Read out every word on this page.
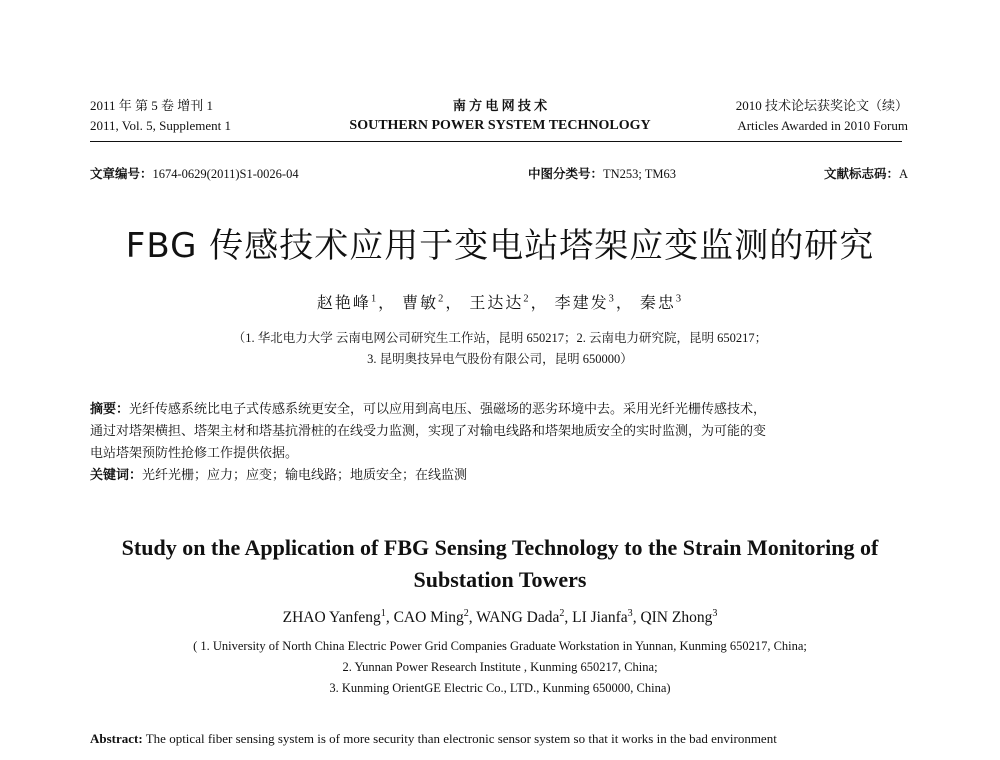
2011 年 第 5 卷 增刊 1
2011, Vol. 5, Supplement 1
南 方 电 网 技 术
SOUTHERN POWER SYSTEM TECHNOLOGY
2010 技术论坛获奖论文（续）
Articles Awarded in 2010 Forum
文章编号：1674-0629(2011)S1-0026-04	中图分类号：TN253; TM63	文献标志码：A
FBG 传感技术应用于变电站塔架应变监测的研究
赵艳峰$^1$， 曹敏$^2$， 王达达$^2$， 李建发$^3$， 秦忠$^3$
（1. 华北电力大学 云南电网公司研究生工作站，昆明 650217；2. 云南电力研究院，昆明 650217；
3. 昆明奥技异电气股份有限公司，昆明 650000）
摘要：光纤传感系统比电子式传感系统更安全，可以应用到高电压、强磁场的恶劣环境中去。采用光纤光栅传感技术，
通过对塔架横担、塔架主材和塔基抗滑桩的在线受力监测，实现了对输电线路和塔架地质安全的实时监测，为可能的变
电站塔架预防性抢修工作提供依据。
关键词：光纤光栅；应力；应变；输电线路；地质安全；在线监测
Study on the Application of FBG Sensing Technology to the Strain Monitoring of
Substation Towers
ZHAO Yanfeng$^1$, CAO Ming$^2$, WANG Dada$^2$, LI Jianfa$^3$, QIN Zhong$^3$
( 1. University of North China Electric Power Grid Companies Graduate Workstation in Yunnan, Kunming 650217, China;
2. Yunnan Power Research Institute , Kunming 650217, China;
3. Kunming OrientGE Electric Co., LTD., Kunming 650000, China)
Abstract: The optical fiber sensing system is of more security than electronic sensor system so that it works in the bad environment
